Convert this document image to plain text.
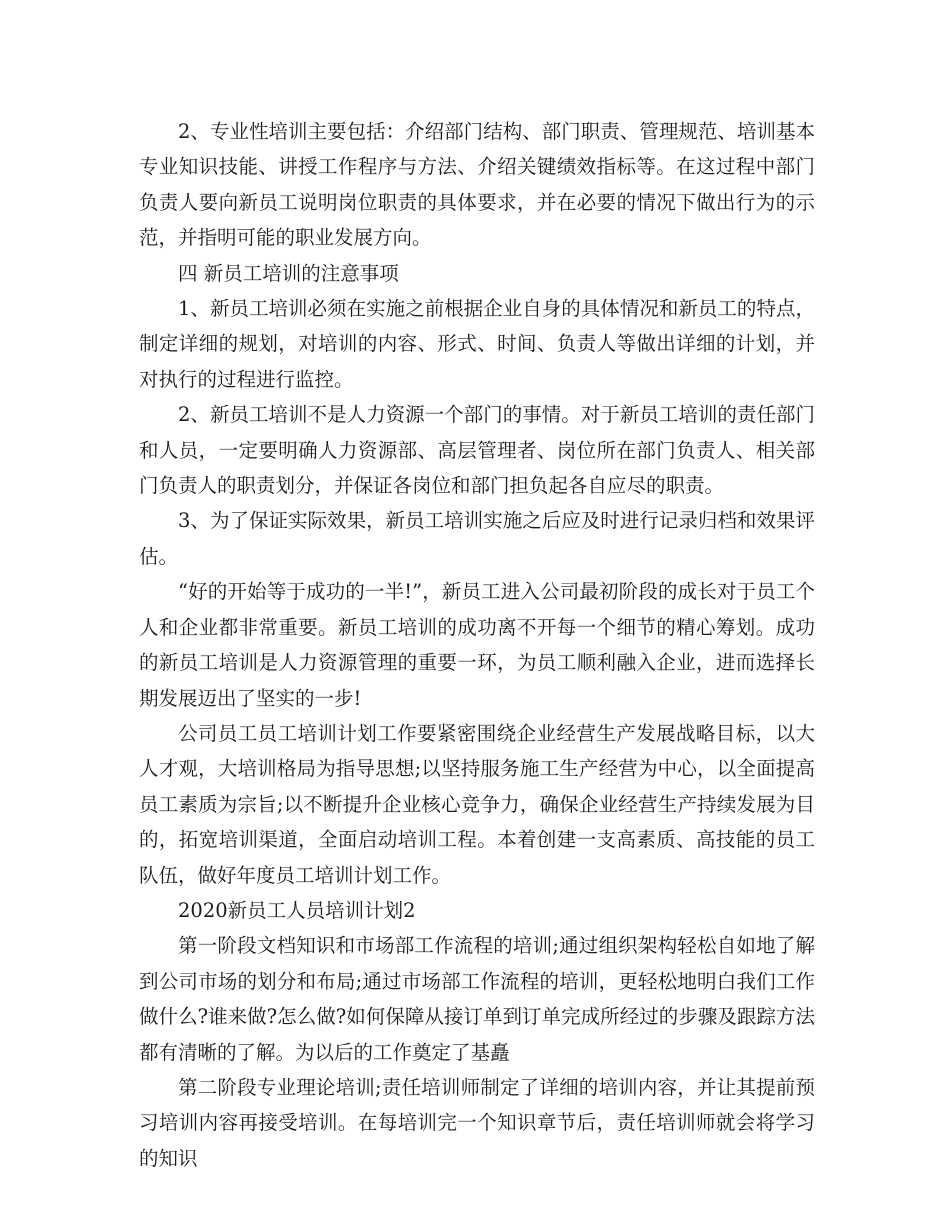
2、专业性培训主要包括：介绍部门结构、部门职责、管理规范、培训基本专业知识技能、讲授工作程序与方法、介绍关键绩效指标等。在这过程中部门负责人要向新员工说明岗位职责的具体要求，并在必要的情况下做出行为的示范，并指明可能的职业发展方向。

四 新员工培训的注意事项

1、新员工培训必须在实施之前根据企业自身的具体情况和新员工的特点，制定详细的规划，对培训的内容、形式、时间、负责人等做出详细的计划，并对执行的过程进行监控。

2、新员工培训不是人力资源一个部门的事情。对于新员工培训的责任部门和人员，一定要明确人力资源部、高层管理者、岗位所在部门负责人、相关部门负责人的职责划分，并保证各岗位和部门担负起各自应尽的职责。

3、为了保证实际效果，新员工培训实施之后应及时进行记录归档和效果评估。

“好的开始等于成功的一半!”，新员工进入公司最初阶段的成长对于员工个人和企业都非常重要。新员工培训的成功离不开每一个细节的精心筹划。成功的新员工培训是人力资源管理的重要一环，为员工顺利融入企业，进而选择长期发展迈出了坚实的一步!

公司员工员工培训计划工作要紧密围绕企业经营生产发展战略目标，以大人才观，大培训格局为指导思想;以坚持服务施工生产经营为中心，以全面提高员工素质为宗旨;以不断提升企业核心竞争力，确保企业经营生产持续发展为目的，拓宽培训渠道，全面启动培训工程。本着创建一支高素质、高技能的员工队伍，做好年度员工培训计划工作。

2020新员工人员培训计划2

第一阶段文档知识和市场部工作流程的培训;通过组织架构轻松自如地了解到公司市场的划分和布局;通过市场部工作流程的培训，更轻松地明白我们工作做什么?谁来做?怎么做?如何保障从接订单到订单完成所经过的步骤及跟踪方法都有清晰的了解。为以后的工作奠定了基矗

第二阶段专业理论培训;责任培训师制定了详细的培训内容，并让其提前预习培训内容再接受培训。在每培训完一个知识章节后，责任培训师就会将学习的知识
